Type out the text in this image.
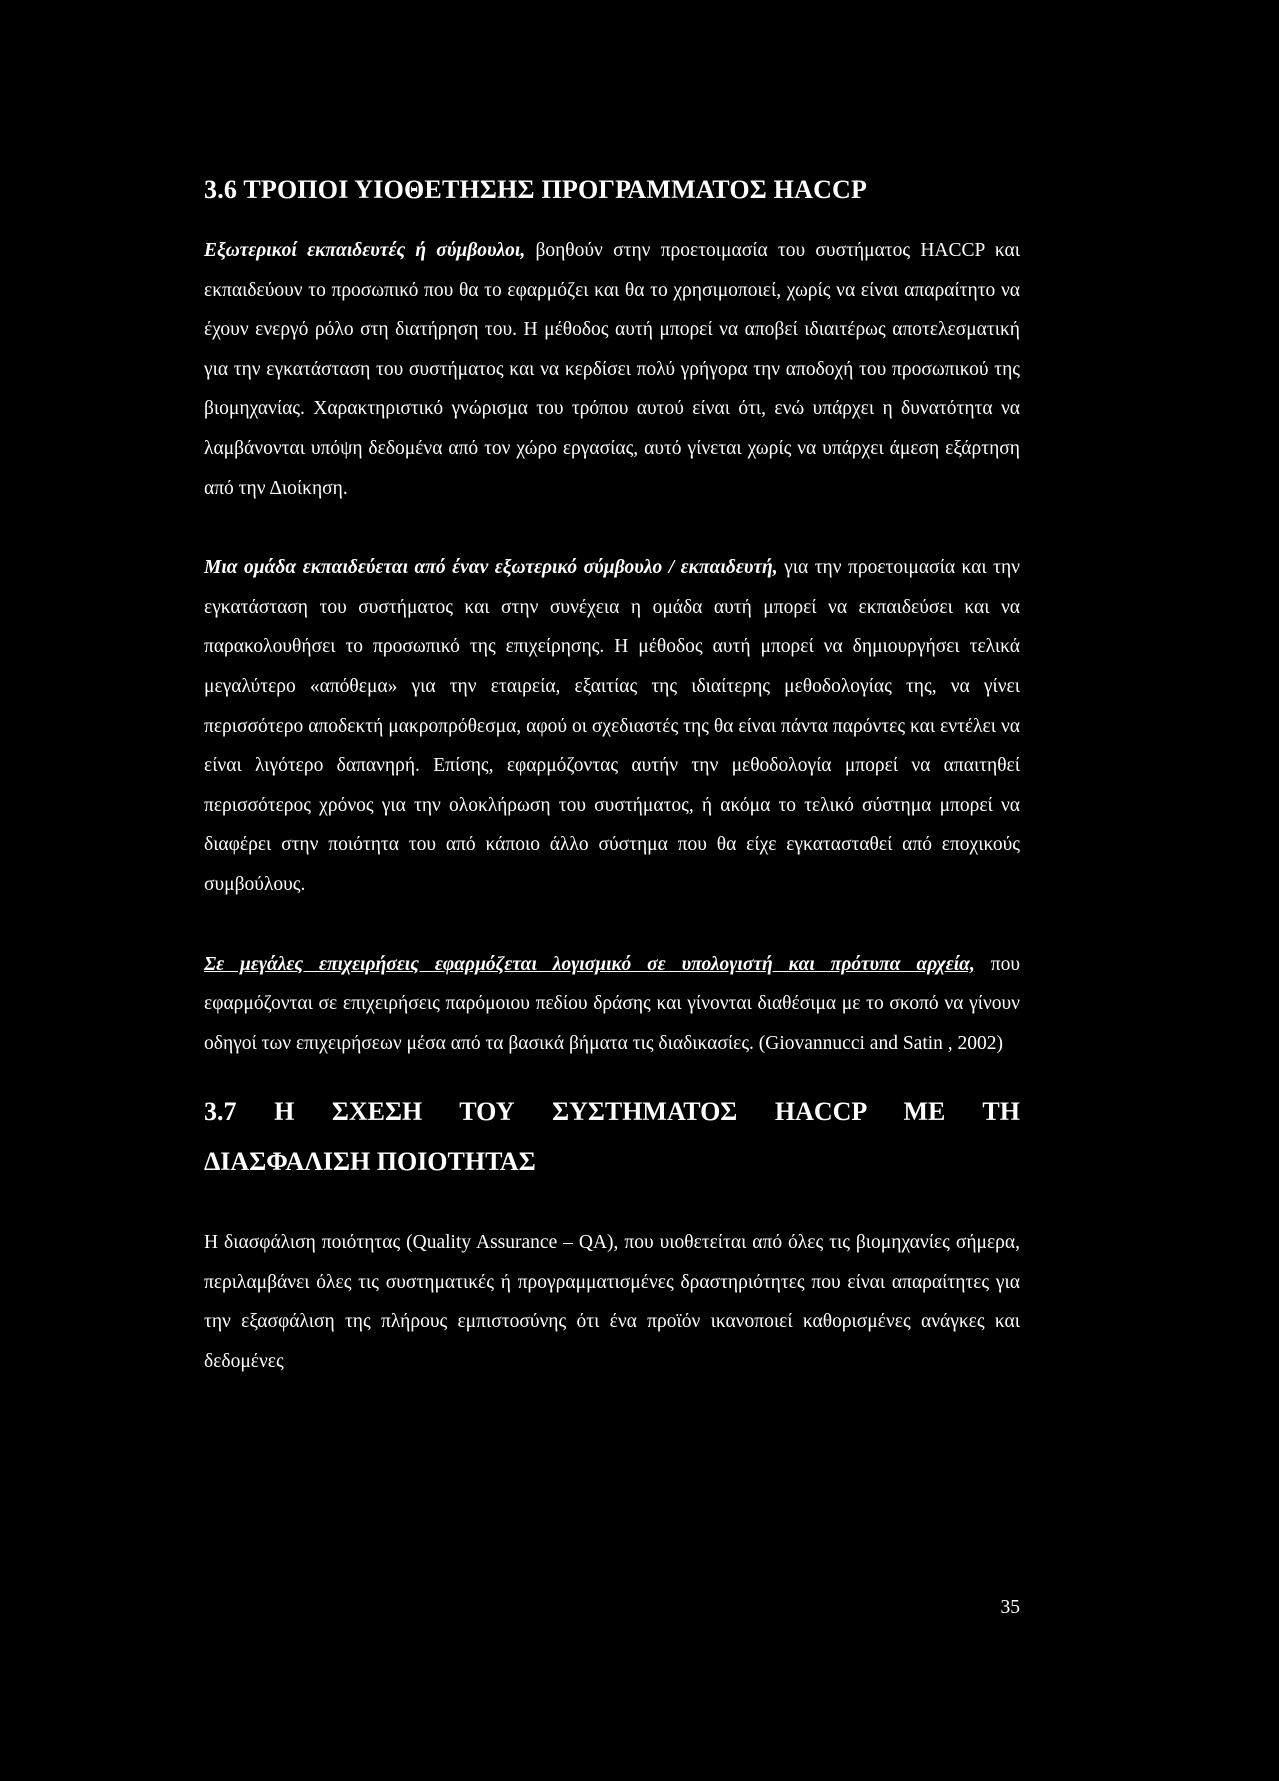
3.6 ΤΡΟΠΟΙ ΥΙΟΘΕΤΗΣΗΣ ΠΡΟΓΡΑΜΜΑΤΟΣ HACCP

Εξωτερικοί εκπαιδευτές ή σύμβουλοι, βοηθούν στην προετοιμασία του συστήματος HACCP και εκπαιδεύουν το προσωπικό που θα το εφαρμόζει και θα το χρησιμοποιεί, χωρίς να είναι απαραίτητο να έχουν ενεργό ρόλο στη διατήρηση του. Η μέθοδος αυτή μπορεί να αποβεί ιδιαιτέρως αποτελεσματική για την εγκατάσταση του συστήματος και να κερδίσει πολύ γρήγορα την αποδοχή του προσωπικού της βιομηχανίας. Χαρακτηριστικό γνώρισμα του τρόπου αυτού είναι ότι, ενώ υπάρχει η δυνατότητα να λαμβάνονται υπόψη δεδομένα από τον χώρο εργασίας, αυτό γίνεται χωρίς να υπάρχει άμεση εξάρτηση από την Διοίκηση.

Μια ομάδα εκπαιδεύεται από έναν εξωτερικό σύμβουλο / εκπαιδευτή, για την προετοιμασία και την εγκατάσταση του συστήματος και στην συνέχεια η ομάδα αυτή μπορεί να εκπαιδεύσει και να παρακολουθήσει το προσωπικό της επιχείρησης. Η μέθοδος αυτή μπορεί να δημιουργήσει τελικά μεγαλύτερο «απόθεμα» για την εταιρεία, εξαιτίας της ιδιαίτερης μεθοδολογίας της, να γίνει περισσότερο αποδεκτή μακροπρόθεσμα, αφού οι σχεδιαστές της θα είναι πάντα παρόντες και εντέλει να είναι λιγότερο δαπανηρή. Επίσης, εφαρμόζοντας αυτήν την μεθοδολογία μπορεί να απαιτηθεί περισσότερος χρόνος για την ολοκλήρωση του συστήματος, ή ακόμα το τελικό σύστημα μπορεί να διαφέρει στην ποιότητα του από κάποιο άλλο σύστημα που θα είχε εγκατασταθεί από εποχικούς συμβούλους.

Σε μεγάλες επιχειρήσεις εφαρμόζεται λογισμικό σε υπολογιστή και πρότυπα αρχεία, που εφαρμόζονται σε επιχειρήσεις παρόμοιου πεδίου δράσης και γίνονται διαθέσιμα με το σκοπό να γίνουν οδηγοί των επιχειρήσεων μέσα από τα βασικά βήματα τις διαδικασίες. (Giovannucci and Satin , 2002)

3.7 Η ΣΧΕΣΗ ΤΟΥ ΣΥΣΤΗΜΑΤΟΣ HACCP ΜΕ ΤΗ
ΔΙΑΣΦΑΛΙΣΗ ΠΟΙΟΤΗΤΑΣ

Η διασφάλιση ποιότητας (Quality Assurance – QA), που υιοθετείται από όλες τις βιομηχανίες σήμερα, περιλαμβάνει όλες τις συστηματικές ή προγραμματισμένες δραστηριότητες που είναι απαραίτητες για την εξασφάλιση της πλήρους εμπιστοσύνης ότι ένα προϊόν ικανοποιεί καθορισμένες ανάγκες και δεδομένες

35
